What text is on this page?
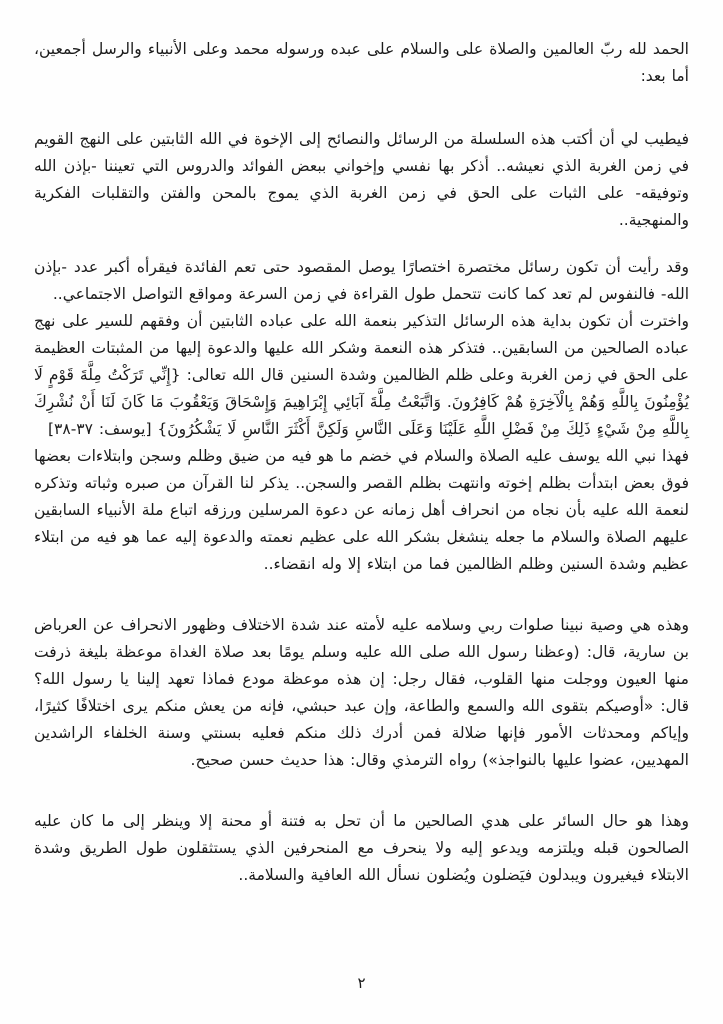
الحمد لله ربّ العالمين والصلاة على والسلام على عبده ورسوله محمد وعلى الأنبياء والرسل أجمعين، أما بعد:

فيطيب لي أن أكتب هذه السلسلة من الرسائل والنصائح إلى الإخوة في الله الثابتين على النهج القويم في زمن الغربة الذي نعيشه.. أذكر بها نفسي وإخواني ببعض الفوائد والدروس التي تعيننا -بإذن الله وتوفيقه- على الثبات على الحق في زمن الغربة الذي يموج بالمحن والفتن والتقلبات الفكرية والمنهجية..

وقد رأيت أن تكون رسائل مختصرة اختصارًا يوصل المقصود حتى تعم الفائدة فيقرأه أكبر عدد -بإذن الله- فالنفوس لم تعد كما كانت تتحمل طول القراءة في زمن السرعة ومواقع التواصل الاجتماعي..

واخترت أن تكون بداية هذه الرسائل التذكير بنعمة الله على عباده الثابتين أن وفقهم للسير على نهج عباده الصالحين من السابقين.. فتذكر هذه النعمة وشكر الله عليها والدعوة إليها من المثبتات العظيمة على الحق في زمن الغربة وعلى ظلم الظالمين وشدة السنين قال الله تعالى: {إِنِّي تَرَكْتُ مِلَّةَ قَوْمٍ لَا يُؤْمِنُونَ بِاللَّهِ وَهُمْ بِالْآخِرَةِ هُمْ كَافِرُونَ. وَاتَّبَعْتُ مِلَّةَ آبَائِي إِبْرَاهِيمَ وَإِسْحَاقَ وَيَعْقُوبَ مَا كَانَ لَنَا أَنْ نُشْرِكَ بِاللَّهِ مِنْ شَيْءٍ ذَلِكَ مِنْ فَضْلِ اللَّهِ عَلَيْنَا وَعَلَى النَّاسِ وَلَكِنَّ أَكْثَرَ النَّاسِ لَا يَشْكُرُونَ} [يوسف: ٣٧-٣٨]

فهذا نبي الله يوسف عليه الصلاة والسلام في خضم ما هو فيه من ضيق وظلم وسجن وابتلاءات بعضها فوق بعض ابتدأت بظلم إخوته وانتهت بظلم القصر والسجن.. يذكر لنا القرآن من صبره وثباته وتذكره لنعمة الله عليه بأن نجاه من انحراف أهل زمانه عن دعوة المرسلين ورزقه اتباع ملة الأنبياء السابقين عليهم الصلاة والسلام ما جعله ينشغل بشكر الله على عظيم نعمته والدعوة إليه عما هو فيه من ابتلاء عظيم وشدة السنين وظلم الظالمين فما من ابتلاء إلا وله انقضاء..

وهذه هي وصية نبينا صلوات ربي وسلامه عليه لأمته عند شدة الاختلاف وظهور الانحراف عن العرباض بن سارية، قال: (وعظنا رسول الله صلى الله عليه وسلم يومًا بعد صلاة الغداة موعظة بليغة ذرفت منها العيون ووجلت منها القلوب، فقال رجل: إن هذه موعظة مودع فماذا تعهد إلينا يا رسول الله؟ قال: «أوصيكم بتقوى الله والسمع والطاعة، وإن عبد حبشي، فإنه من يعش منكم يرى اختلافًا كثيرًا، وإياكم ومحدثات الأمور فإنها ضلالة فمن أدرك ذلك منكم فعليه بسنتي وسنة الخلفاء الراشدين المهديين، عضوا عليها بالنواجذ») رواه الترمذي وقال: هذا حديث حسن صحيح.

وهذا هو حال السائر على هدي الصالحين ما أن تحل به فتنة أو محنة إلا وينظر إلى ما كان عليه الصالحون قبله ويلتزمه ويدعو إليه ولا ينحرف مع المنحرفين الذي يستثقلون طول الطريق وشدة الابتلاء فيغيرون ويبدلون فيَضلون ويُضلون نسأل الله العافية والسلامة..

٢
